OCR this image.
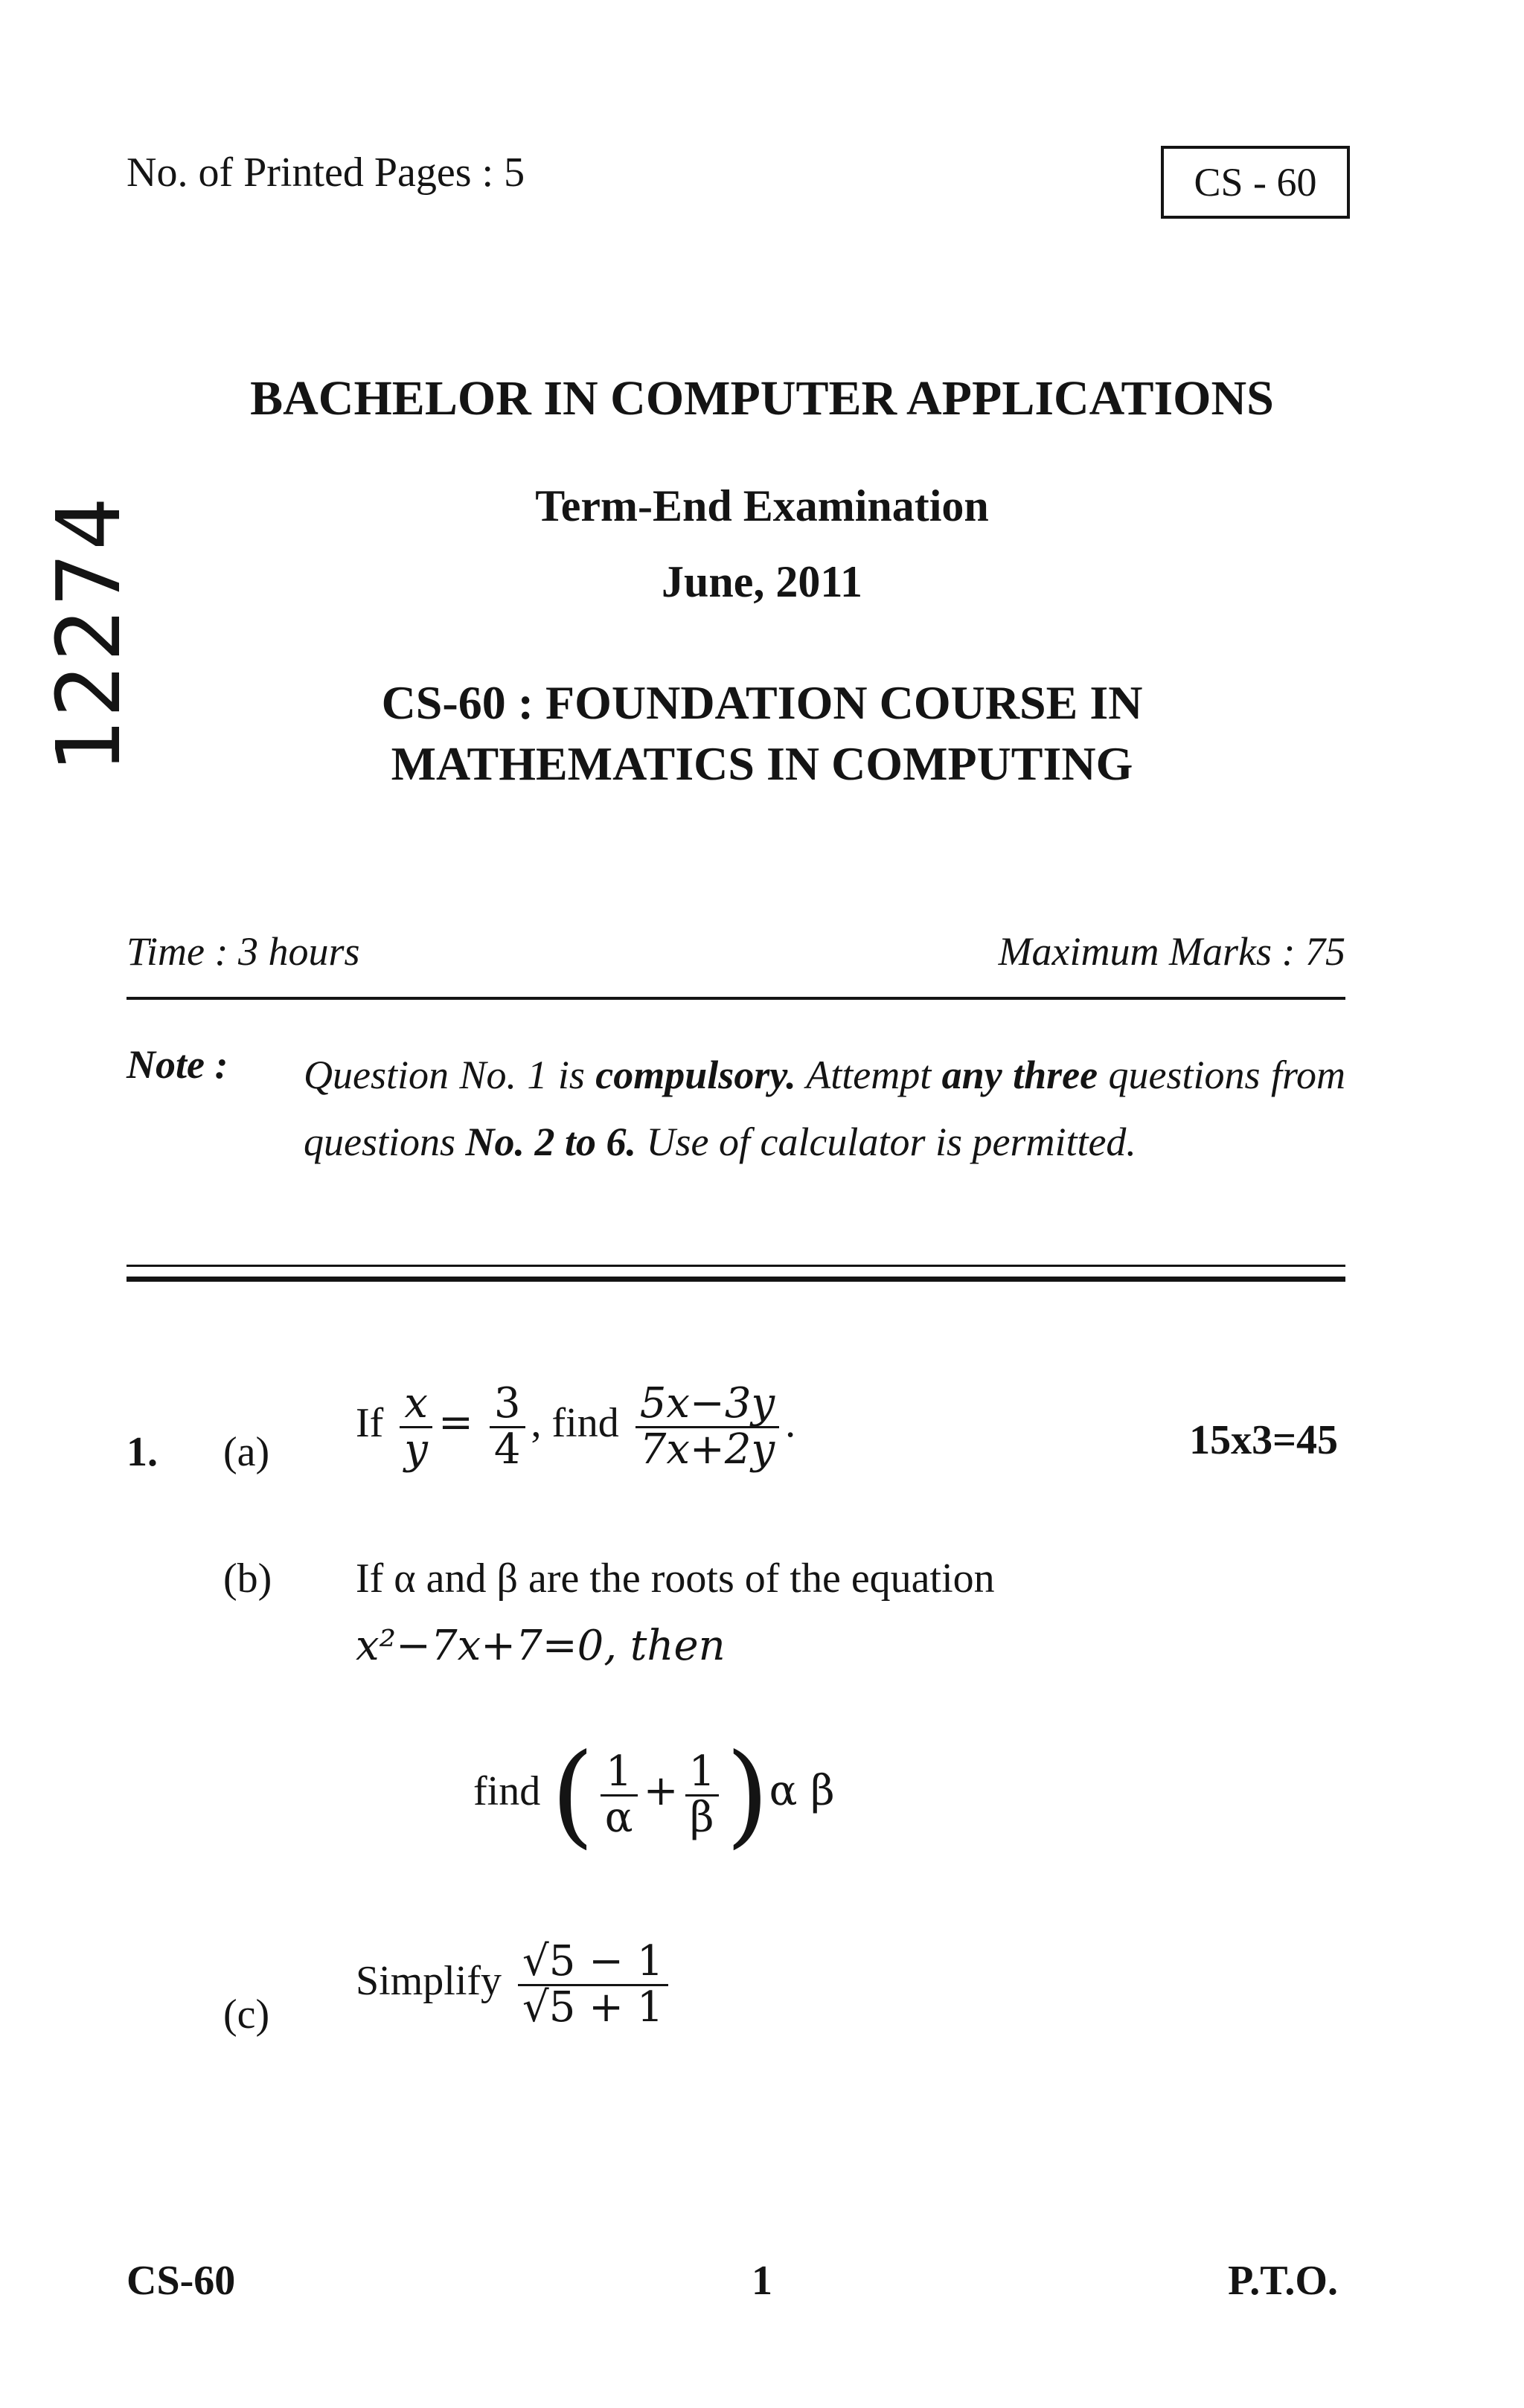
No. of Printed Pages : 5	CS - 60
12274
BACHELOR IN COMPUTER APPLICATIONS
Term-End Examination
June, 2011
CS-60 : FOUNDATION COURSE IN
MATHEMATICS IN COMPUTING
Time : 3 hours	Maximum Marks : 75
Note : Question No. 1 is compulsory. Attempt any three questions from questions No. 2 to 6. Use of calculator is permitted.
1. (a)
If $\frac{x}{y} = \frac{3}{4}$ , find $\frac{5x-3y}{7x+2y}$ .	15x3=45
(b) If α and β are the roots of the equation
x²−7x+7=0, then
find ( $\frac{1}{\alpha} + \frac{1}{\beta} )\alpha$ β
(c)
Simplify $\frac{√5 - 1}{√5 + 1}$
CS-60	1	P.T.O.
